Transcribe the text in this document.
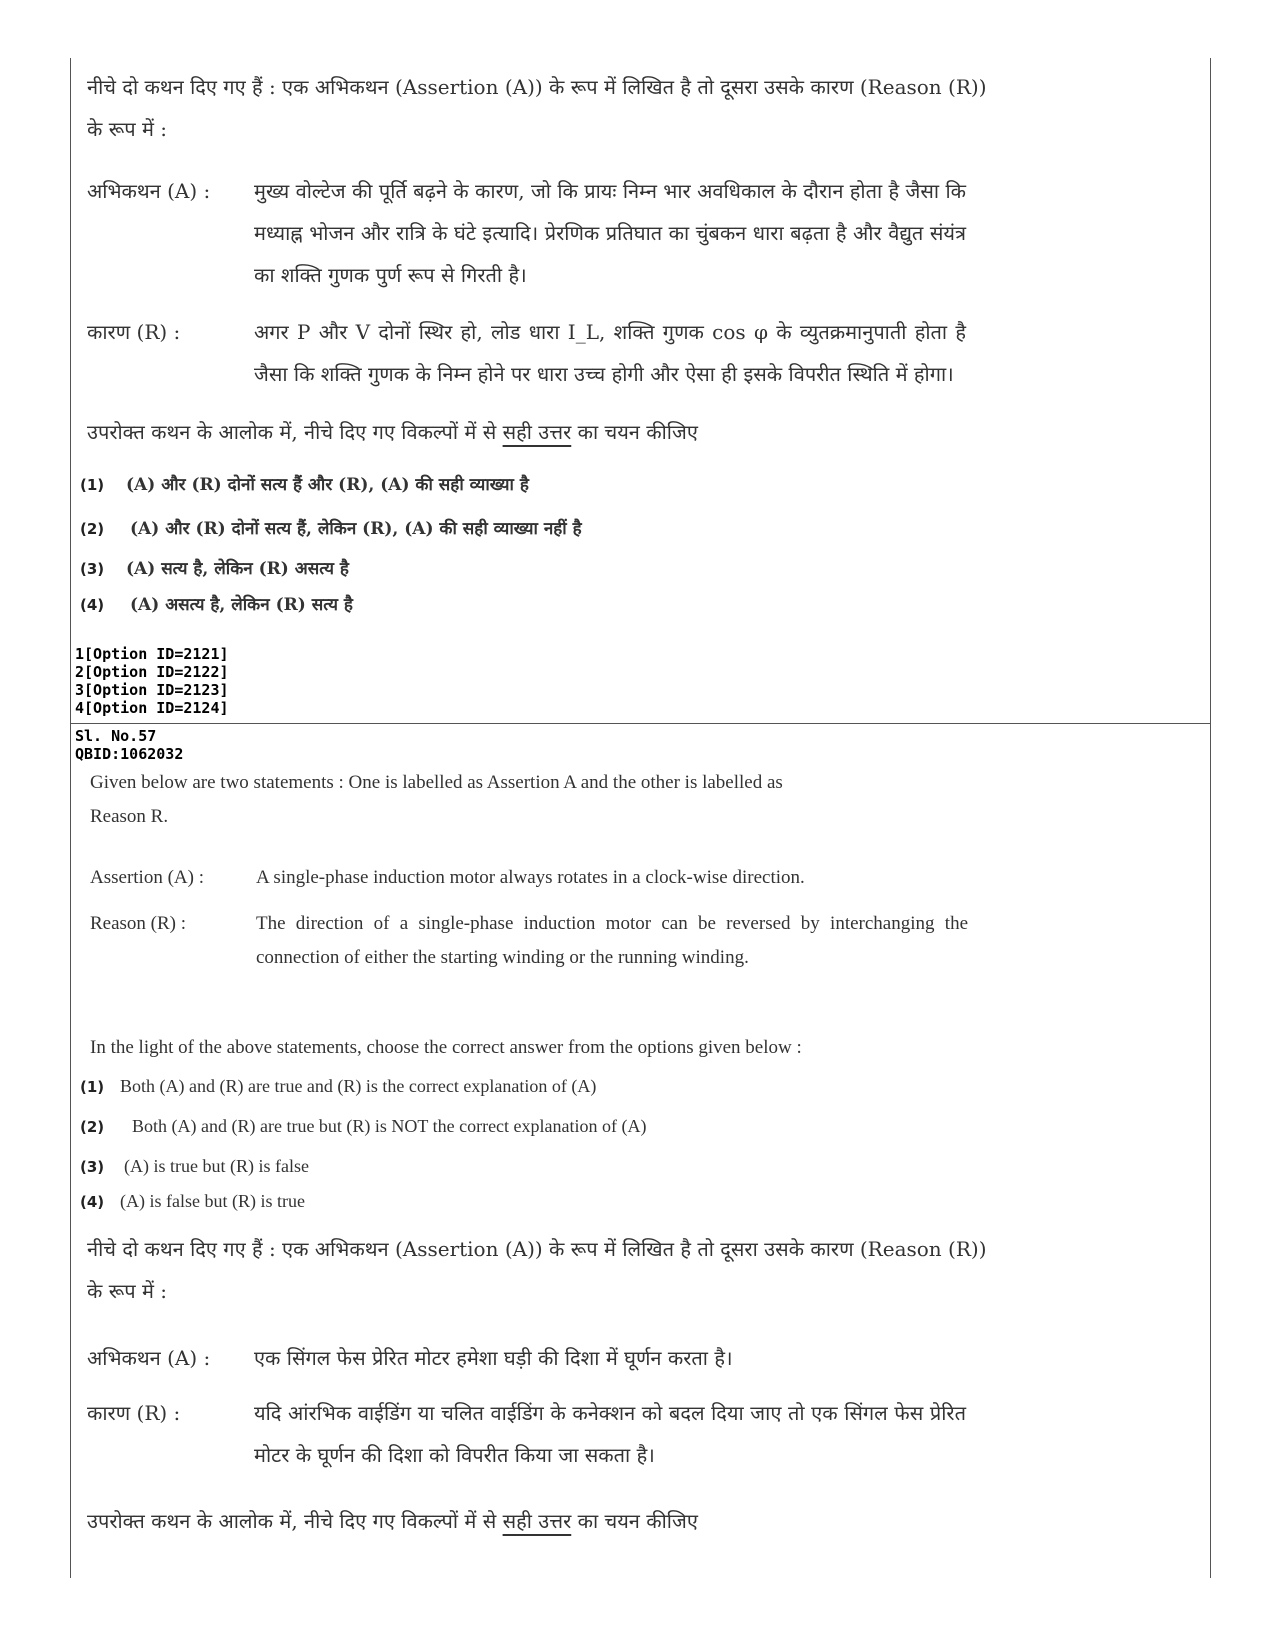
नीचे दो कथन दिए गए हैं : एक अभिकथन (Assertion (A)) के रूप में लिखित है तो दूसरा उसके कारण (Reason (R))
के रूप में :
अभिकथन (A) : मुख्य वोल्टेज की पूर्ति बढ़ने के कारण, जो कि प्रायः निम्न भार अवधिकाल के दौरान होता है जैसा कि मध्याह्न भोजन और रात्रि के घंटे इत्यादि। प्रेरणिक प्रतिघात का चुंबकन धारा बढ़ता है और वैद्युत संयंत्र का शक्ति गुणक पुर्ण रूप से गिरती है।
कारण (R) :	अगर P और V दोनों स्थिर हो, लोड धारा I_L, शक्ति गुणक cos φ के व्युतक्रमानुपाती होता है जैसा कि शक्ति गुणक के निम्न होने पर धारा उच्च होगी और ऐसा ही इसके विपरीत स्थिति में होगा।
उपरोक्त कथन के आलोक में, नीचे दिए गए विकल्पों में से सही उत्तर का चयन कीजिए
(1) (A) और (R) दोनों सत्य हैं और (R), (A) की सही व्याख्या है
(2) (A) और (R) दोनों सत्य हैं, लेकिन (R), (A) की सही व्याख्या नहीं है
(3) (A) सत्य है, लेकिन (R) असत्य है
(4) (A) असत्य है, लेकिन (R) सत्य है
1[Option ID=2121]
2[Option ID=2122]
3[Option ID=2123]
4[Option ID=2124]
Sl. No.57
QBID:1062032
Given below are two statements : One is labelled as Assertion A and the other is labelled as
Reason R.
Assertion (A) :	A single-phase induction motor always rotates in a clock-wise direction.
Reason (R) :	The direction of a single-phase induction motor can be reversed by interchanging the connection of either the starting winding or the running winding.
In the light of the above statements, choose the correct answer from the options given below :
(1) Both (A) and (R) are true and (R) is the correct explanation of (A)
(2) Both (A) and (R) are true but (R) is NOT the correct explanation of (A)
(3) (A) is true but (R) is false
(4) (A) is false but (R) is true
नीचे दो कथन दिए गए हैं : एक अभिकथन (Assertion (A)) के रूप में लिखित है तो दूसरा उसके कारण (Reason (R))
के रूप में :
अभिकथन (A) : एक सिंगल फेस प्रेरित मोटर हमेशा घड़ी की दिशा में घूर्णन करता है।
कारण (R) :	यदि आंरभिक वाईडिंग या चलित वाईडिंग के कनेक्शन को बदल दिया जाए तो एक सिंगल फेस प्रेरित मोटर के घूर्णन की दिशा को विपरीत किया जा सकता है।
उपरोक्त कथन के आलोक में, नीचे दिए गए विकल्पों में से सही उत्तर का चयन कीजिए
